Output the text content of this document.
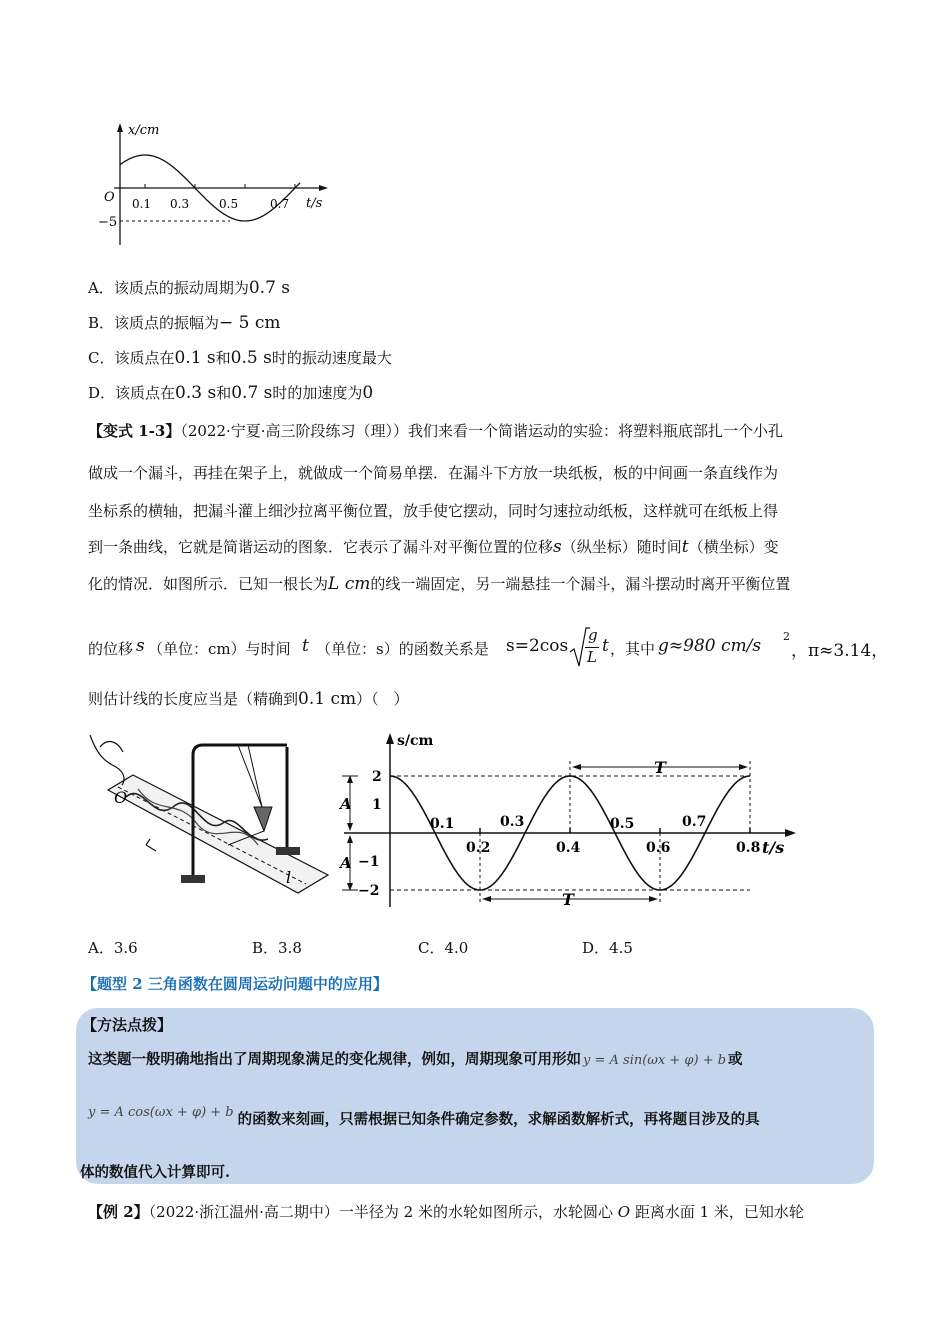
x/cm
O	t/s
−5
0.1 0.3 0.5	0.7
A．该质点的振动周期为0.7 s
B．该质点的振幅为− 5 cm
C．该质点在0.1 s和0.5 s时的振动速度最大
D．该质点在0.3 s和0.7 s时的加速度为0
【变式 1-3】（2022·宁夏·高三阶段练习（理））我们来看一个简谐运动的实验：将塑料瓶底部扎一个小孔
做成一个漏斗，再挂在架子上，就做成一个简易单摆．在漏斗下方放一块纸板，板的中间画一条直线作为
坐标系的横轴，把漏斗灌上细沙拉离平衡位置，放手使它摆动，同时匀速拉动纸板，这样就可在纸板上得
到一条曲线，它就是简谐运动的图象．它表示了漏斗对平衡位置的位移s（纵坐标）随时间t（横坐标）变
化的情况．如图所示．已知一根长为L cm的线一端固定，另一端悬挂一个漏斗，漏斗摆动时离开平衡位置
的位移 s （单位：cm）与时间 t （单位：s）的函数关系是 s=2cos
g
L
t ，其中 g≈980 cm/s 2
，π≈3.14，
则估计线的长度应当是（精确到0.1 cm）（　）
O
l
s/cm
t/s
T
T
A
A
2
1
−1
−2
0.2	0.4	0.6	0.8
0.1	0.3	0.5	0.7
A．3.6	B．3.8	C．4.0	D．4.5
【题型 2 三角函数在圆周运动问题中的应用】
【方法点拨】
这类题一般明确地指出了周期现象满足的变化规律，例如，周期现象可用形如 y = A sin(ωx + φ) + b 或
y = A cos(ωx + φ) + b 的函数来刻画，只需根据已知条件确定参数，求解函数解析式，再将题目涉及的具
体的数值代入计算即可.
【例 2】（2022·浙江温州·高二期中）一半径为 2 米的水轮如图所示，水轮圆心 O 距离水面 1 米，已知水轮
